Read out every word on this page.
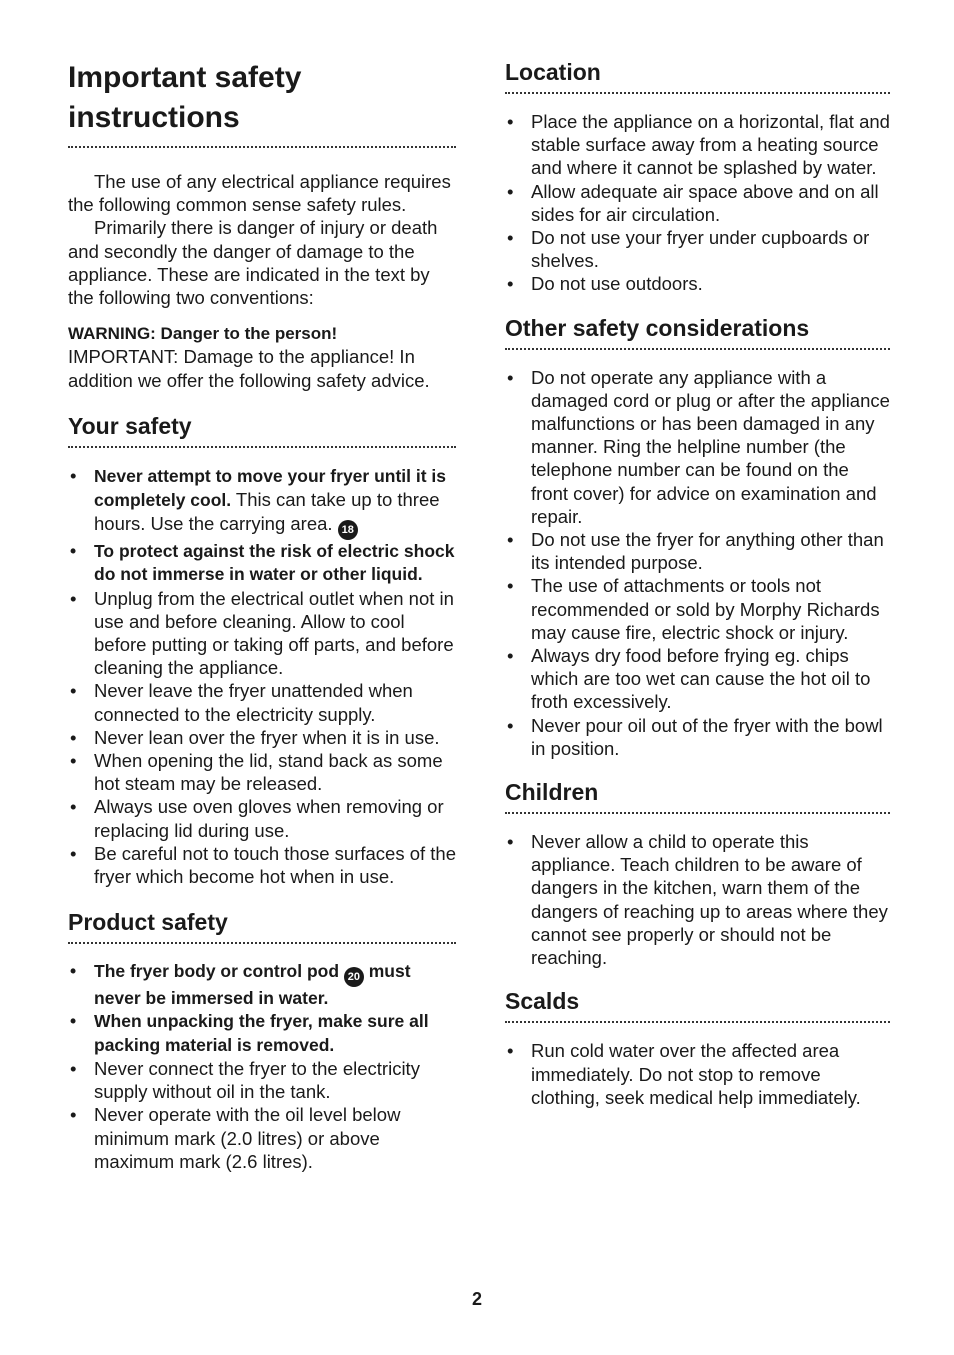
Important safety instructions

The use of any electrical appliance requires the following common sense safety rules.

Primarily there is danger of injury or death and secondly the danger of damage to the appliance. These are indicated in the text by the following two conventions:

WARNING: Danger to the person!
IMPORTANT: Damage to the appliance! In addition we offer the following safety advice.

Your safety
• Never attempt to move your fryer until it is completely cool. This can take up to three hours. Use the carrying area. 18
• To protect against the risk of electric shock do not immerse in water or other liquid.
• Unplug from the electrical outlet when not in use and before cleaning. Allow to cool before putting or taking off parts, and before cleaning the appliance.
• Never leave the fryer unattended when connected to the electricity supply.
• Never lean over the fryer when it is in use.
• When opening the lid, stand back as some hot steam may be released.
• Always use oven gloves when removing or replacing lid during use.
• Be careful not to touch those surfaces of the fryer which become hot when in use.
Product safety
• The fryer body or control pod 20 must never be immersed in water.
• When unpacking the fryer, make sure all packing material is removed.
• Never connect the fryer to the electricity supply without oil in the tank.
• Never operate with the oil level below minimum mark (2.0 litres) or above maximum mark (2.6 litres).
Location
• Place the appliance on a horizontal, flat and stable surface away from a heating source and where it cannot be splashed by water.
• Allow adequate air space above and on all sides for air circulation.
• Do not use your fryer under cupboards or shelves.
• Do not use outdoors.
Other safety considerations
• Do not operate any appliance with a damaged cord or plug or after the appliance malfunctions or has been damaged in any manner. Ring the helpline number (the telephone number can be found on the front cover) for advice on examination and repair.
• Do not use the fryer for anything other than its intended purpose.
• The use of attachments or tools not recommended or sold by Morphy Richards may cause fire, electric shock or injury.
• Always dry food before frying eg. chips which are too wet can cause the hot oil to froth excessively.
• Never pour oil out of the fryer with the bowl in position.
Children
• Never allow a child to operate this appliance. Teach children to be aware of dangers in the kitchen, warn them of the dangers of reaching up to areas where they cannot see properly or should not be reaching.
Scalds
• Run cold water over the affected area immediately. Do not stop to remove clothing, seek medical help immediately.
2
